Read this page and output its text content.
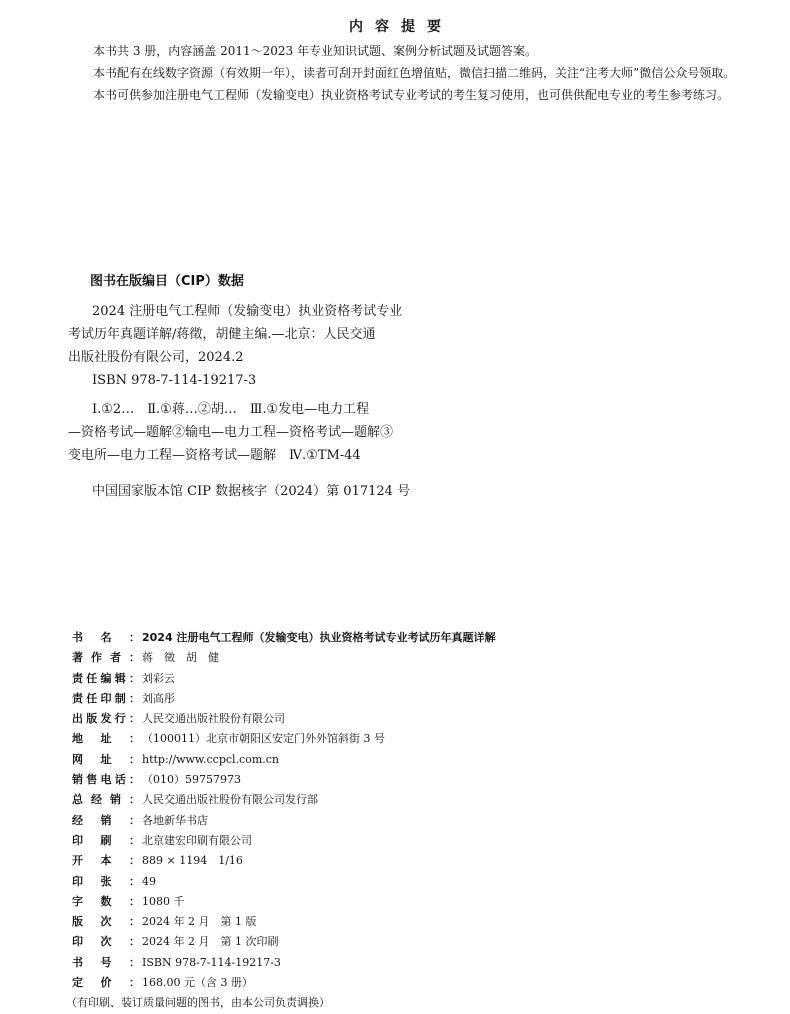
内容提要

本书共 3 册，内容涵盖 2011～2023 年专业知识试题、案例分析试题及试题答案。

本书配有在线数字资源（有效期一年），读者可刮开封面红色增值贴，微信扫描二维码，关注“注考大师”微信公众号领取。

本书可供参加注册电气工程师（发输变电）执业资格考试专业考试的考生复习使用，也可供供配电专业的考生参考练习。

图书在版编目（CIP）数据
2024 注册电气工程师（发输变电）执业资格考试专业
考试历年真题详解/蒋徵，胡健主编.—北京：人民交通
出版社股份有限公司，2024.2
ISBN 978-7-114-19217-3
Ⅰ.①2…　Ⅱ.①蒋…②胡…　Ⅲ.①发电—电力工程
—资格考试—题解②输电—电力工程—资格考试—题解③
变电所—电力工程—资格考试—题解　Ⅳ.①TM-44
中国国家版本馆 CIP 数据核字（2024）第 017124 号
书名： 2024 注册电气工程师（发输变电）执业资格考试专业考试历年真题详解
著作者： 蒋　徵　胡　健
责任编辑： 刘彩云
责任印制： 刘高彤
出版发行： 人民交通出版社股份有限公司
地址： （100011）北京市朝阳区安定门外外馆斜街 3 号
网址： http://www.ccpcl.com.cn
销售电话： （010）59757973
总经销： 人民交通出版社股份有限公司发行部
经销： 各地新华书店
印刷： 北京建宏印刷有限公司
开本： 889 × 1194　1/16
印张： 49
字数： 1080 千
版次： 2024 年 2 月　第 1 版
印次： 2024 年 2 月　第 1 次印刷
书号： ISBN 978-7-114-19217-3
定价： 168.00 元（含 3 册）
（有印刷、装订质量问题的图书，由本公司负责调换）
